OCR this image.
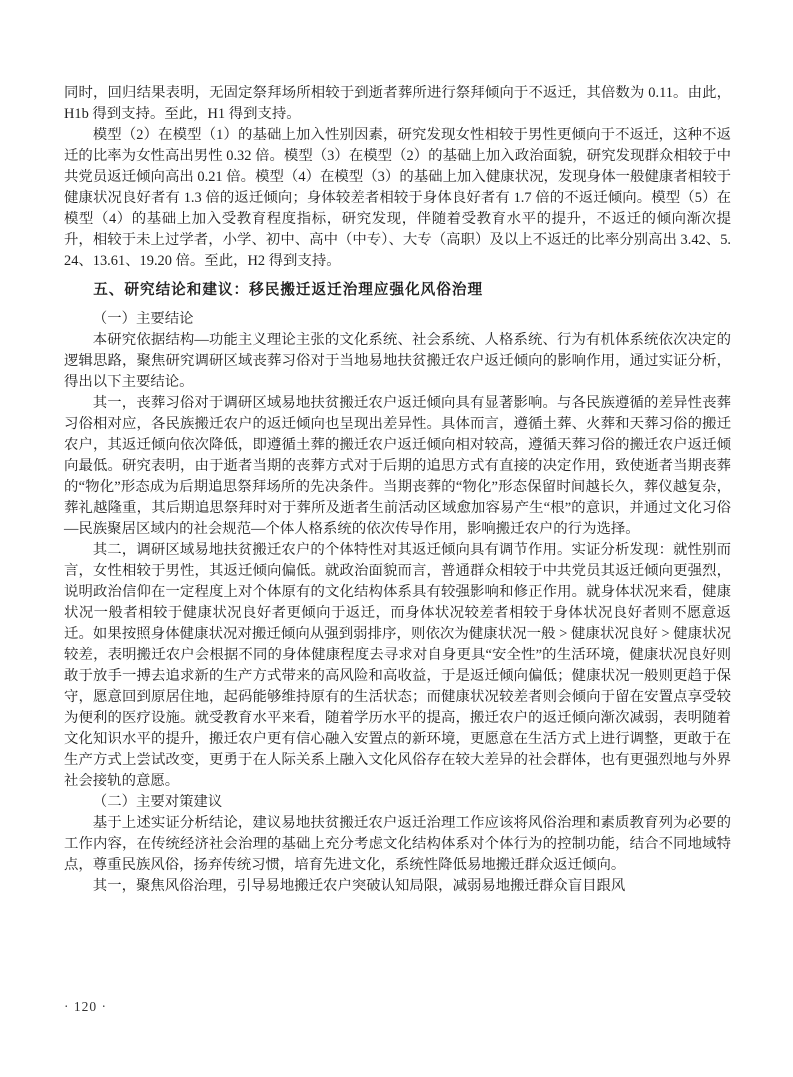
同时，回归结果表明，无固定祭拜场所相较于到逝者葬所进行祭拜倾向于不返迁，其倍数为 0.11。由此，H1b 得到支持。至此，H1 得到支持。

模型（2）在模型（1）的基础上加入性别因素，研究发现女性相较于男性更倾向于不返迁，这种不返迁的比率为女性高出男性 0.32 倍。模型（3）在模型（2）的基础上加入政治面貌，研究发现群众相较于中共党员返迁倾向高出 0.21 倍。模型（4）在模型（3）的基础上加入健康状况，发现身体一般健康者相较于健康状况良好者有 1.3 倍的返迁倾向；身体较差者相较于身体良好者有 1.7 倍的不返迁倾向。模型（5）在模型（4）的基础上加入受教育程度指标，研究发现，伴随着受教育水平的提升，不返迁的倾向渐次提升，相较于未上过学者，小学、初中、高中（中专）、大专（高职）及以上不返迁的比率分别高出 3.42、5.24、13.61、19.20 倍。至此，H2 得到支持。

五、研究结论和建议：移民搬迁返迁治理应强化风俗治理

（一）主要结论

本研究依据结构—功能主义理论主张的文化系统、社会系统、人格系统、行为有机体系统依次决定的逻辑思路，聚焦研究调研区域丧葬习俗对于当地易地扶贫搬迁农户返迁倾向的影响作用，通过实证分析，得出以下主要结论。

其一，丧葬习俗对于调研区域易地扶贫搬迁农户返迁倾向具有显著影响。与各民族遵循的差异性丧葬习俗相对应，各民族搬迁农户的返迁倾向也呈现出差异性。具体而言，遵循土葬、火葬和天葬习俗的搬迁农户，其返迁倾向依次降低，即遵循土葬的搬迁农户返迁倾向相对较高，遵循天葬习俗的搬迁农户返迁倾向最低。研究表明，由于逝者当期的丧葬方式对于后期的追思方式有直接的决定作用，致使逝者当期丧葬的“物化”形态成为后期追思祭拜场所的先决条件。当期丧葬的“物化”形态保留时间越长久，葬仪越复杂，葬礼越隆重，其后期追思祭拜时对于葬所及逝者生前活动区域愈加容易产生“根”的意识，并通过文化习俗—民族聚居区域内的社会规范—个体人格系统的依次传导作用，影响搬迁农户的行为选择。

其二，调研区域易地扶贫搬迁农户的个体特性对其返迁倾向具有调节作用。实证分析发现：就性别而言，女性相较于男性，其返迁倾向偏低。就政治面貌而言，普通群众相较于中共党员其返迁倾向更强烈，说明政治信仰在一定程度上对个体原有的文化结构体系具有较强影响和修正作用。就身体状况来看，健康状况一般者相较于健康状况良好者更倾向于返迁，而身体状况较差者相较于身体状况良好者则不愿意返迁。如果按照身体健康状况对搬迁倾向从强到弱排序，则依次为健康状况一般 > 健康状况良好 > 健康状况较差，表明搬迁农户会根据不同的身体健康程度去寻求对自身更具“安全性”的生活环境，健康状况良好则敢于放手一搏去追求新的生产方式带来的高风险和高收益，于是返迁倾向偏低；健康状况一般则更趋于保守，愿意回到原居住地，起码能够维持原有的生活状态；而健康状况较差者则会倾向于留在安置点享受较为便利的医疗设施。就受教育水平来看，随着学历水平的提高，搬迁农户的返迁倾向渐次减弱，表明随着文化知识水平的提升，搬迁农户更有信心融入安置点的新环境，更愿意在生活方式上进行调整，更敢于在生产方式上尝试改变，更勇于在人际关系上融入文化风俗存在较大差异的社会群体，也有更强烈地与外界社会接轨的意愿。

（二）主要对策建议

基于上述实证分析结论，建议易地扶贫搬迁农户返迁治理工作应该将风俗治理和素质教育列为必要的工作内容，在传统经济社会治理的基础上充分考虑文化结构体系对个体行为的控制功能，结合不同地域特点，尊重民族风俗，扬弃传统习惯，培育先进文化，系统性降低易地搬迁群众返迁倾向。

其一，聚焦风俗治理，引导易地搬迁农户突破认知局限，减弱易地搬迁群众盲目跟风

· 120 ·
